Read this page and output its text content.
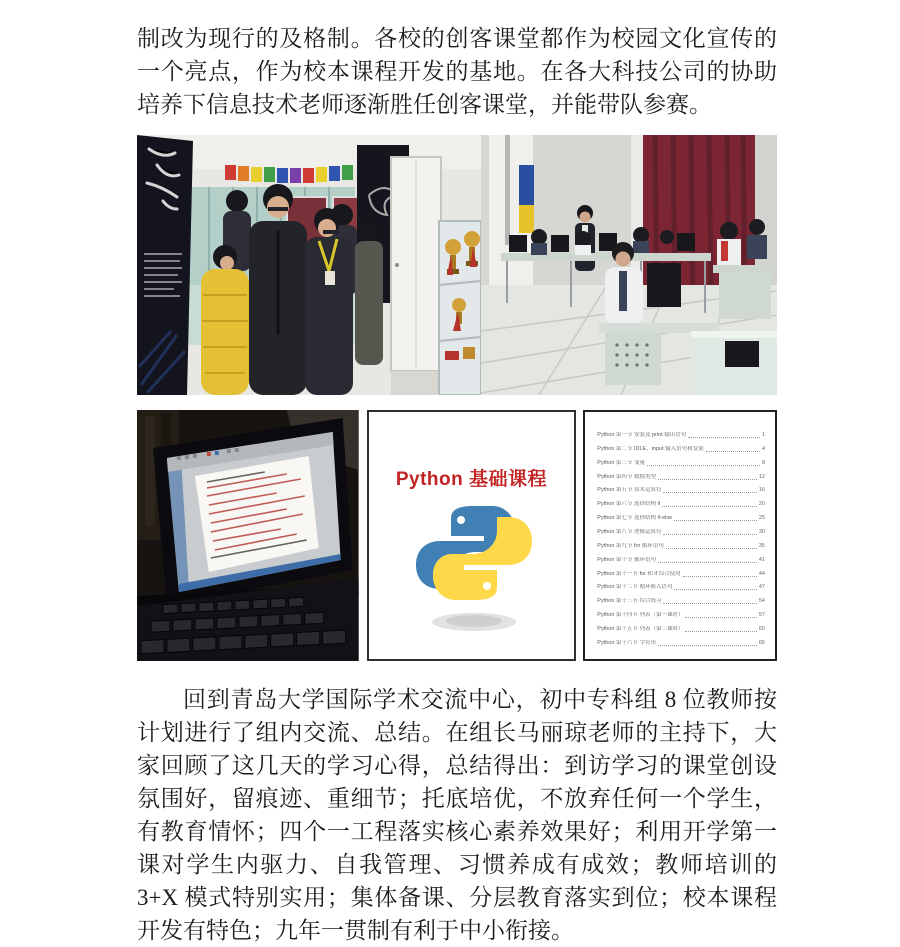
制改为现行的及格制。各校的创客课堂都作为校园文化宣传的一个亮点，作为校本课程开发的基地。在各大科技公司的协助培养下信息技术老师逐渐胜任创客课堂，并能带队参赛。

Python 基础课程
Python 第一节 安装及 print 输出语句	1
Python 第二节 IDLE，input 输入语句和变量	4
Python 第三节 变量	8
Python 第四节 数据类型	12
Python 第五节 算术运算符	16
Python 第六节 选择结构 if	20
Python 第七节 选择结构 if-else	25
Python 第八节 逻辑运算符	30
Python 第九节 for 循环语句	35
Python 第十节 循环语句	41
Python 第十一节 for 和 if 综合使用	44
Python 第十二节 循环嵌入语句	47
Python 第十三节 综合练习	54
Python 第十四节 列表（第一课时）	57
Python 第十五节 列表（第二课时）	60
Python 第十六节 字符串	65

回到青岛大学国际学术交流中心，初中专科组 8 位教师按计划进行了组内交流、总结。在组长马丽琼老师的主持下，大家回顾了这几天的学习心得，总结得出：到访学习的课堂创设氛围好，留痕迹、重细节；托底培优，不放弃任何一个学生，有教育情怀；四个一工程落实核心素养效果好；利用开学第一课对学生内驱力、自我管理、习惯养成有成效；教师培训的 3+X 模式特别实用；集体备课、分层教育落实到位；校本课程开发有特色；九年一贯制有利于中小衔接。
